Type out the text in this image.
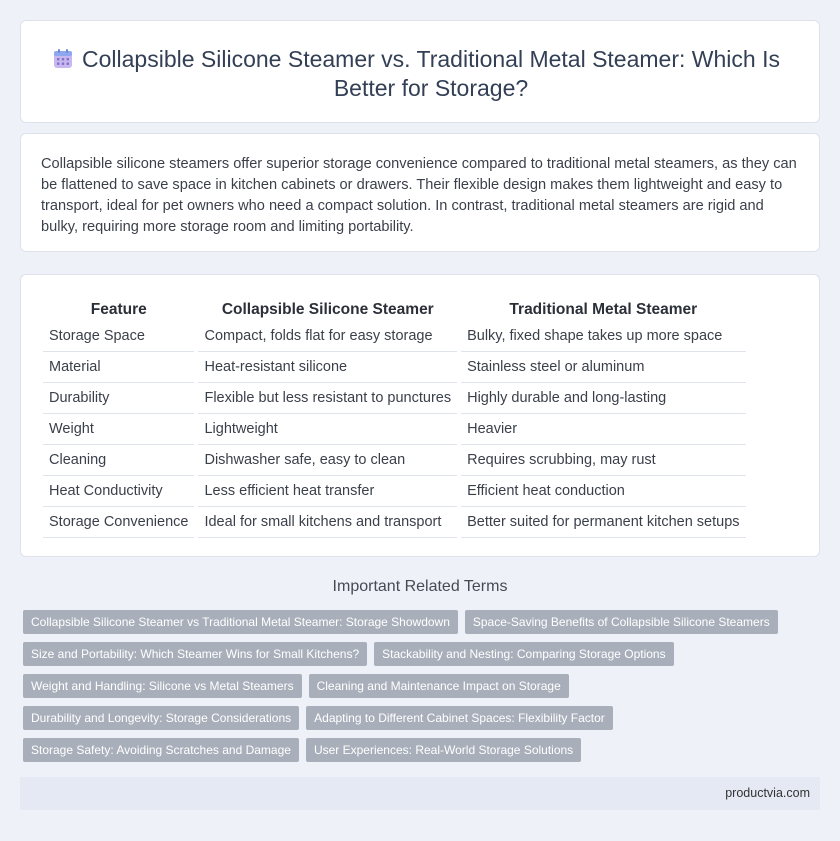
Collapsible Silicone Steamer vs. Traditional Metal Steamer: Which Is Better for Storage?

Collapsible silicone steamers offer superior storage convenience compared to traditional metal steamers, as they can be flattened to save space in kitchen cabinets or drawers. Their flexible design makes them lightweight and easy to transport, ideal for pet owners who need a compact solution. In contrast, traditional metal steamers are rigid and bulky, requiring more storage room and limiting portability.

Feature		Collapsible Silicone Steamer		Traditional Metal Steamer
Storage Space		Compact, folds flat for easy storage		Bulky, fixed shape takes up more space
Material		Heat-resistant silicone		Stainless steel or aluminum
Durability		Flexible but less resistant to punctures		Highly durable and long-lasting
Weight		Lightweight		Heavier
Cleaning		Dishwasher safe, easy to clean		Requires scrubbing, may rust
Heat Conductivity		Less efficient heat transfer		Efficient heat conduction
Storage Convenience		Ideal for small kitchens and transport		Better suited for permanent kitchen setups
Important Related Terms
Collapsible Silicone Steamer vs Traditional Metal Steamer: Storage Showdown	Space-Saving Benefits of Collapsible Silicone Steamers
Size and Portability: Which Steamer Wins for Small Kitchens?	Stackability and Nesting: Comparing Storage Options
Weight and Handling: Silicone vs Metal Steamers	Cleaning and Maintenance Impact on Storage
Durability and Longevity: Storage Considerations	Adapting to Different Cabinet Spaces: Flexibility Factor
Storage Safety: Avoiding Scratches and Damage	User Experiences: Real-World Storage Solutions
productvia.com
